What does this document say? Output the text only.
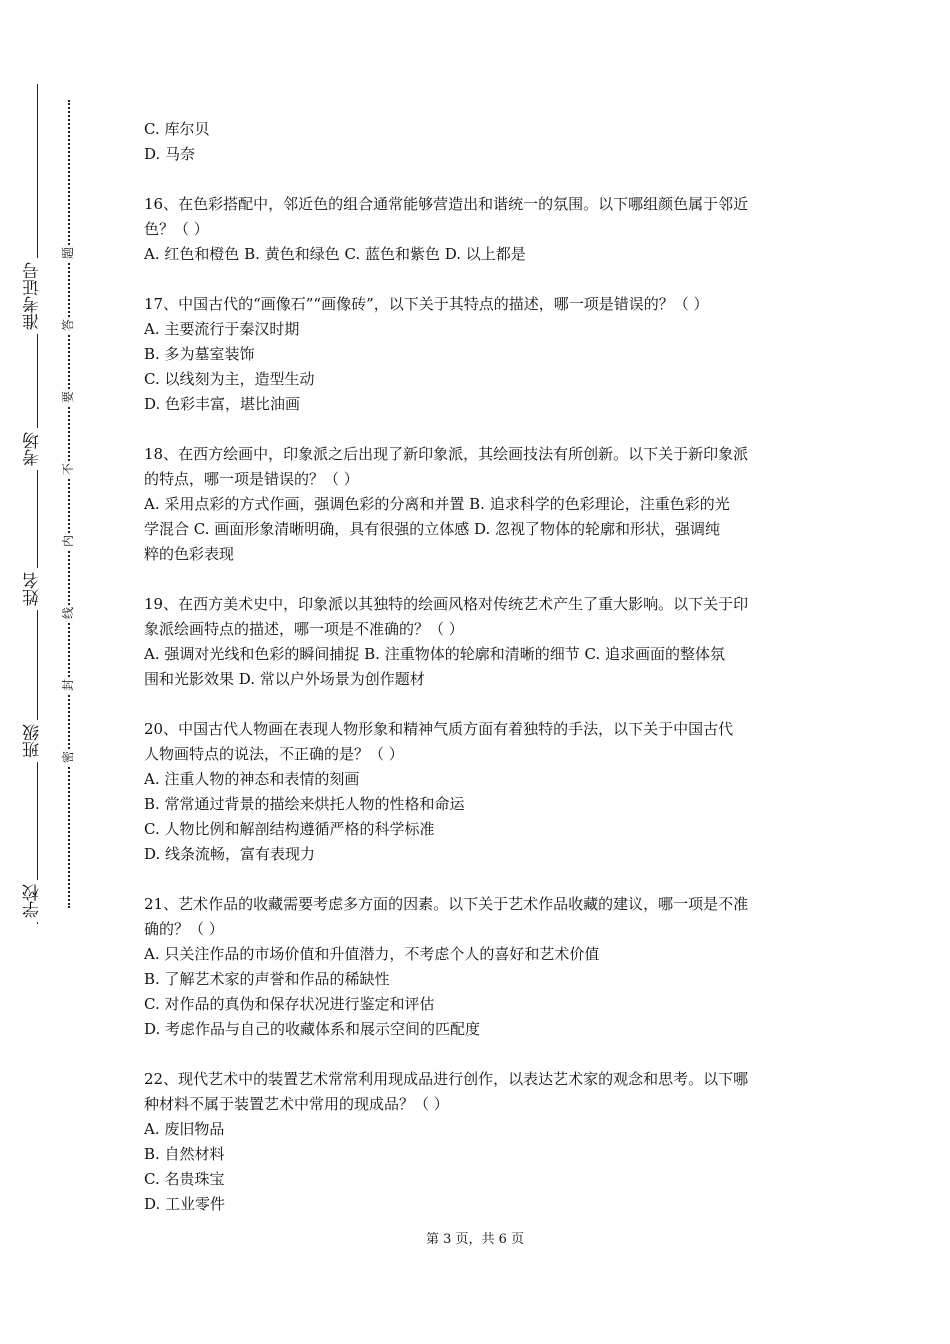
准考证号
考场
姓名
班级
学校
题
答
要
不
内
线
封
密

C. 库尔贝

D. 马奈

16、在色彩搭配中，邻近色的组合通常能够营造出和谐统一的氛围。以下哪组颜色属于邻近

色？（ ）

A. 红色和橙色 B. 黄色和绿色 C. 蓝色和紫色 D. 以上都是

17、中国古代的“画像石”“画像砖”，以下关于其特点的描述，哪一项是错误的？（ ）

A. 主要流行于秦汉时期

B. 多为墓室装饰

C. 以线刻为主，造型生动

D. 色彩丰富，堪比油画

18、在西方绘画中，印象派之后出现了新印象派，其绘画技法有所创新。以下关于新印象派

的特点，哪一项是错误的？（ ）

A. 采用点彩的方式作画，强调色彩的分离和并置 B. 追求科学的色彩理论，注重色彩的光

学混合 C. 画面形象清晰明确，具有很强的立体感 D. 忽视了物体的轮廓和形状，强调纯

粹的色彩表现

19、在西方美术史中，印象派以其独特的绘画风格对传统艺术产生了重大影响。以下关于印

象派绘画特点的描述，哪一项是不准确的？（ ）

A. 强调对光线和色彩的瞬间捕捉 B. 注重物体的轮廓和清晰的细节 C. 追求画面的整体氛

围和光影效果 D. 常以户外场景为创作题材

20、中国古代人物画在表现人物形象和精神气质方面有着独特的手法，以下关于中国古代

人物画特点的说法，不正确的是？（ ）

A. 注重人物的神态和表情的刻画

B. 常常通过背景的描绘来烘托人物的性格和命运

C. 人物比例和解剖结构遵循严格的科学标准

D. 线条流畅，富有表现力

21、艺术作品的收藏需要考虑多方面的因素。以下关于艺术作品收藏的建议，哪一项是不准

确的？（ ）

A. 只关注作品的市场价值和升值潜力，不考虑个人的喜好和艺术价值

B. 了解艺术家的声誉和作品的稀缺性

C. 对作品的真伪和保存状况进行鉴定和评估

D. 考虑作品与自己的收藏体系和展示空间的匹配度

22、现代艺术中的装置艺术常常利用现成品进行创作，以表达艺术家的观念和思考。以下哪

种材料不属于装置艺术中常用的现成品？（ ）

A. 废旧物品

B. 自然材料

C. 名贵珠宝

D. 工业零件

第 3 页，共 6 页
